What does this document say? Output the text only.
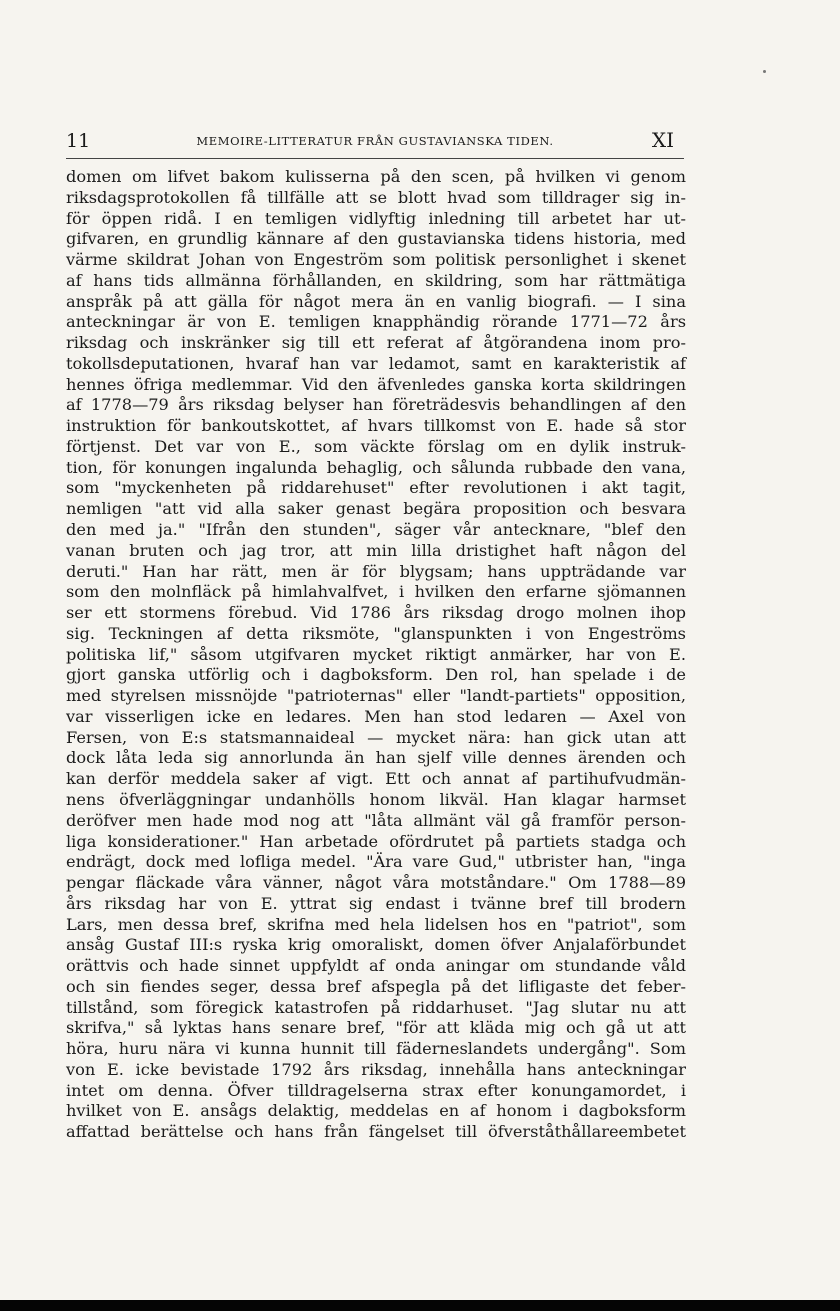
11	MEMOIRE-LITTERATUR FRÅN GUSTAVIANSKA TIDEN.	XI
domen om lifvet bakom kulisserna på den scen, på hvilken vi genom
riksdagsprotokollen få tillfälle att se blott hvad som tilldrager sig in-
för öppen ridå. I en temligen vidlyftig inledning till arbetet har ut-
gifvaren, en grundlig kännare af den gustavianska tidens historia, med
värme skildrat Johan von Engeström som politisk personlighet i skenet
af hans tids allmänna förhållanden, en skildring, som har rättmätiga
anspråk på att gälla för något mera än en vanlig biografi. — I sina
anteckningar är von E. temligen knapphändig rörande 1771—72 års
riksdag och inskränker sig till ett referat af åtgörandena inom pro-
tokollsdeputationen, hvaraf han var ledamot, samt en karakteristik af
hennes öfriga medlemmar. Vid den äfvenledes ganska korta skildringen
af 1778—79 års riksdag belyser han företrädesvis behandlingen af den
instruktion för bankoutskottet, af hvars tillkomst von E. hade så stor
förtjenst. Det var von E., som väckte förslag om en dylik instruk-
tion, för konungen ingalunda behaglig, och sålunda rubbade den vana,
som "myckenheten på riddarehuset" efter revolutionen i akt tagit,
nemligen "att vid alla saker genast begära proposition och besvara
den med ja." "Ifrån den stunden", säger vår antecknare, "blef den
vanan bruten och jag tror, att min lilla dristighet haft någon del
deruti." Han har rätt, men är för blygsam; hans uppträdande var
som den molnfläck på himlahvalfvet, i hvilken den erfarne sjömannen
ser ett stormens förebud. Vid 1786 års riksdag drogo molnen ihop
sig. Teckningen af detta riksmöte, "glanspunkten i von Engeströms
politiska lif," såsom utgifvaren mycket riktigt anmärker, har von E.
gjort ganska utförlig och i dagboksform. Den rol, han spelade i de
med styrelsen missnöjde "patrioternas" eller "landt-partiets" opposition,
var visserligen icke en ledares. Men han stod ledaren — Axel von
Fersen, von E:s statsmannaideal — mycket nära: han gick utan att
dock låta leda sig annorlunda än han sjelf ville dennes ärenden och
kan derför meddela saker af vigt. Ett och annat af partihufvudmän-
nens öfverläggningar undanhölls honom likväl. Han klagar harmset
deröfver men hade mod nog att "låta allmänt väl gå framför person-
liga konsiderationer." Han arbetade ofördrutet på partiets stadga och
endrägt, dock med lofliga medel. "Ära vare Gud," utbrister han, "inga
pengar fläckade våra vänner, något våra motståndare." Om 1788—89
års riksdag har von E. yttrat sig endast i tvänne bref till brodern
Lars, men dessa bref, skrifna med hela lidelsen hos en "patriot", som
ansåg Gustaf III:s ryska krig omoraliskt, domen öfver Anjalaförbundet
orättvis och hade sinnet uppfyldt af onda aningar om stundande våld
och sin fiendes seger, dessa bref afspegla på det lifligaste det feber-
tillstånd, som föregick katastrofen på riddarhuset. "Jag slutar nu att
skrifva," så lyktas hans senare bref, "för att kläda mig och gå ut att
höra, huru nära vi kunna hunnit till fäderneslandets undergång". Som
von E. icke bevistade 1792 års riksdag, innehålla hans anteckningar
intet om denna. Öfver tilldragelserna strax efter konungamordet, i
hvilket von E. ansågs delaktig, meddelas en af honom i dagboksform
affattad berättelse och hans från fängelset till öfverståthållareembetet
